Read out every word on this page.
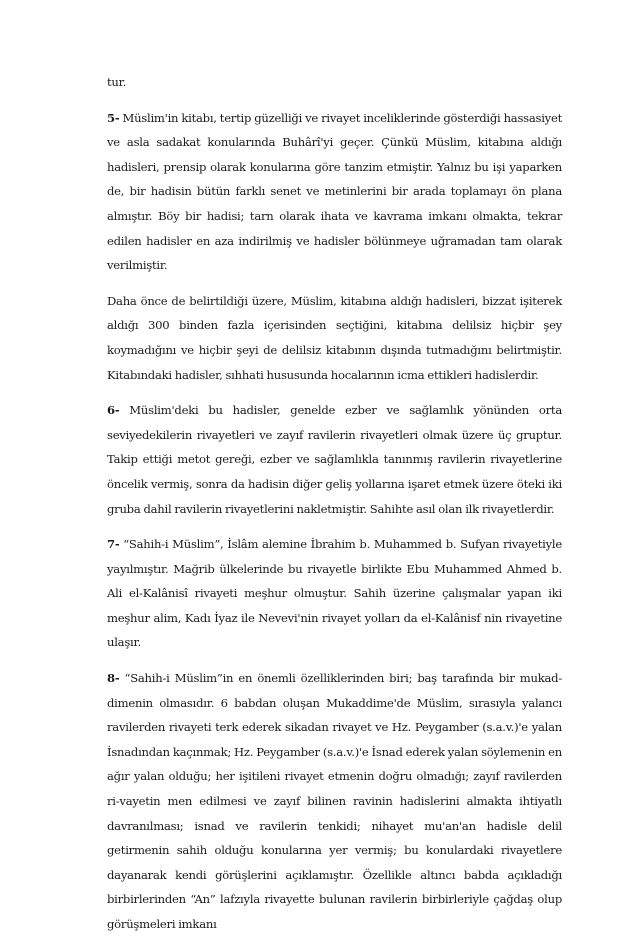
tur.

5- Müslim'in kitabı, tertip güzelliği ve rivayet inceliklerinde gösterdiği hassasiyet ve asla sadakat konularında Buhârî'yi geçer. Çünkü Müslim, kitabına aldığı hadisleri, prensip olarak konularına göre tanzim etmiştir. Yalnız bu işi yaparken de, bir hadisin bütün farklı senet ve metinlerini bir arada toplamayı ön plana almıştır. Böy bir hadisi; tarn olarak ihata ve kavrama imkanı olmakta, tekrar edilen hadisler en aza indirilmiş ve hadisler bölünmeye uğramadan tam olarak verilmiştir.

Daha önce de belirtildiği üzere, Müslim, kitabına aldığı hadisleri, bizzat işiterek aldığı 300 binden fazla içerisinden seçtiğini, kitabına delilsiz hiçbir şey koymadığını ve hiçbir şeyi de delilsiz kitabının dışında tutmadığını belirtmiştir. Kitabındaki hadisler, sıhhati hususunda hocalarının icma ettikleri hadislerdir.

6- Müslim'deki bu hadisler, genelde ezber ve sağlamlık yönünden orta seviyedekilerin rivayetleri ve zayıf ravilerin rivayetleri olmak üzere üç gruptur. Takip ettiği metot gereği, ezber ve sağlamlıkla tanınmış ravilerin rivayetlerine öncelik vermiş, sonra da hadisin diğer geliş yollarına işaret etmek üzere öteki iki gruba dahil ravilerin rivayetlerini nakletmiştir. Sahihte asıl olan ilk rivayetlerdir.

7- “Sahih-i Müslim”, İslâm alemine İbrahim b. Muhammed b. Sufyan rivayetiyle yayılmıştır. Mağrib ülkelerinde bu rivayetle birlikte Ebu Muhammed Ahmed b. Ali el-Kalânisî rivayeti meşhur olmuştur. Sahih üzerine çalışmalar yapan iki meşhur alim, Kadı İyaz ile Nevevi'nin rivayet yolları da el-Kalânisf nin rivayetine ulaşır.

8- “Sahih-i Müslim”in en önemli özelliklerinden biri; baş tarafında bir mukad-dimenin olmasıdır. 6 babdan oluşan Mukaddime'de Müslim, sırasıyla yalancı ravilerden rivayeti terk ederek sikadan rivayet ve Hz. Peygamber (s.a.v.)'e yalan İsnadından kaçınmak; Hz. Peygamber (s.a.v.)'e İsnad ederek yalan söylemenin en ağır yalan olduğu; her işitileni rivayet etmenin doğru olmadığı; zayıf ravilerden ri-vayetin men edilmesi ve zayıf bilinen ravinin hadislerini almakta ihtiyatlı davranılması; isnad ve ravilerin tenkidi; nihayet mu'an'an hadisle delil getirmenin sahih olduğu konularına yer vermiş; bu konulardaki rivayetlere dayanarak kendi görüşlerini açıklamıştır. Özellikle altıncı babda açıkladığı birbirlerinden “An” lafzıyla rivayette bulunan ravilerin birbirleriyle çağdaş olup görüşmeleri imkanı
